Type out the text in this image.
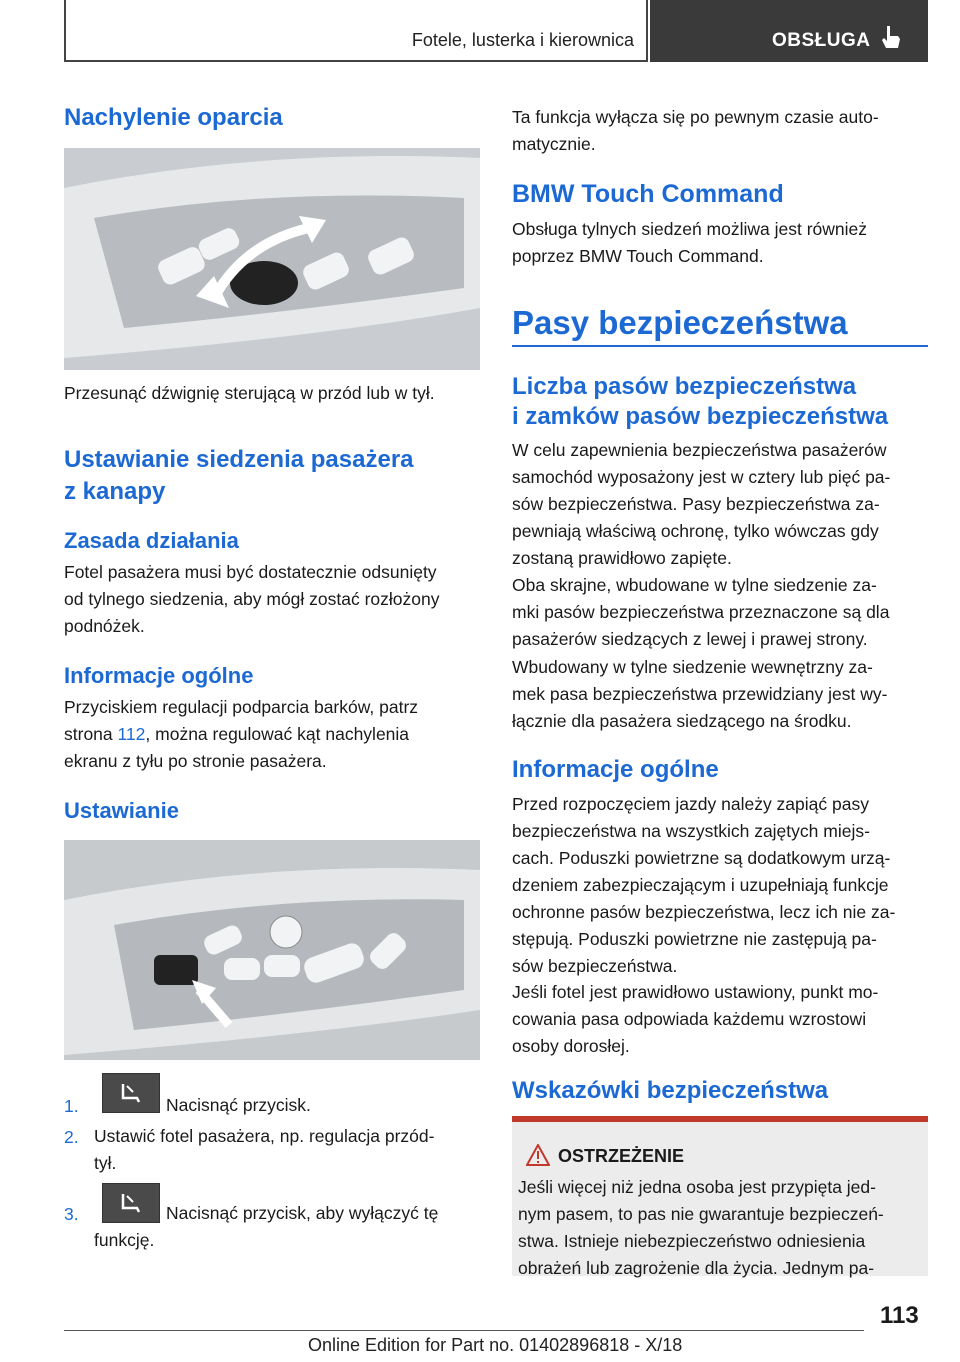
Fotele, lusterka i kierownica	OBSŁUGA
Nachylenie oparcia

Przesunąć dźwignię sterującą w przód lub w tył.

Ustawianie siedzenia pasażera
z kanapy
Zasada działania

Fotel pasażera musi być dostatecznie odsunięty
od tylnego siedzenia, aby mógł zostać rozłożony
podnóżek.

Informacje ogólne

Przyciskiem regulacji podparcia barków, patrz
strona 112, można regulować kąt nachylenia
ekranu z tyłu po stronie pasażera.

Ustawianie
1.	Nacisnąć przycisk.

2. Ustawić fotel pasażera, np. regulacja przód-
tył.

3.	Nacisnąć przycisk, aby wyłączyć tę

funkcję.

Ta funkcja wyłącza się po pewnym czasie auto-
matycznie.

BMW Touch Command

Obsługa tylnych siedzeń możliwa jest również
poprzez BMW Touch Command.

Pasy bezpieczeństwa
Liczba pasów bezpieczeństwa
i zamków pasów bezpieczeństwa

W celu zapewnienia bezpieczeństwa pasażerów
samochód wyposażony jest w cztery lub pięć pa-
sów bezpieczeństwa. Pasy bezpieczeństwa za-
pewniają właściwą ochronę, tylko wówczas gdy
zostaną prawidłowo zapięte.

Oba skrajne, wbudowane w tylne siedzenie za-
mki pasów bezpieczeństwa przeznaczone są dla
pasażerów siedzących z lewej i prawej strony.

Wbudowany w tylne siedzenie wewnętrzny za-
mek pasa bezpieczeństwa przewidziany jest wy-
łącznie dla pasażera siedzącego na środku.

Informacje ogólne

Przed rozpoczęciem jazdy należy zapiąć pasy
bezpieczeństwa na wszystkich zajętych miejs-
cach. Poduszki powietrzne są dodatkowym urzą-
dzeniem zabezpieczającym i uzupełniają funkcje
ochronne pasów bezpieczeństwa, lecz ich nie za-
stępują. Poduszki powietrzne nie zastępują pa-
sów bezpieczeństwa.

Jeśli fotel jest prawidłowo ustawiony, punkt mo-
cowania pasa odpowiada każdemu wzrostowi
osoby dorosłej.

Wskazówki bezpieczeństwa
OSTRZEŻENIE

Jeśli więcej niż jedna osoba jest przypięta jed-
nym pasem, to pas nie gwarantuje bezpieczeń-
stwa. Istnieje niebezpieczeństwo odniesienia
obrażeń lub zagrożenie dla życia. Jednym pa-

113
Online Edition for Part no. 01402896818 - X/18
